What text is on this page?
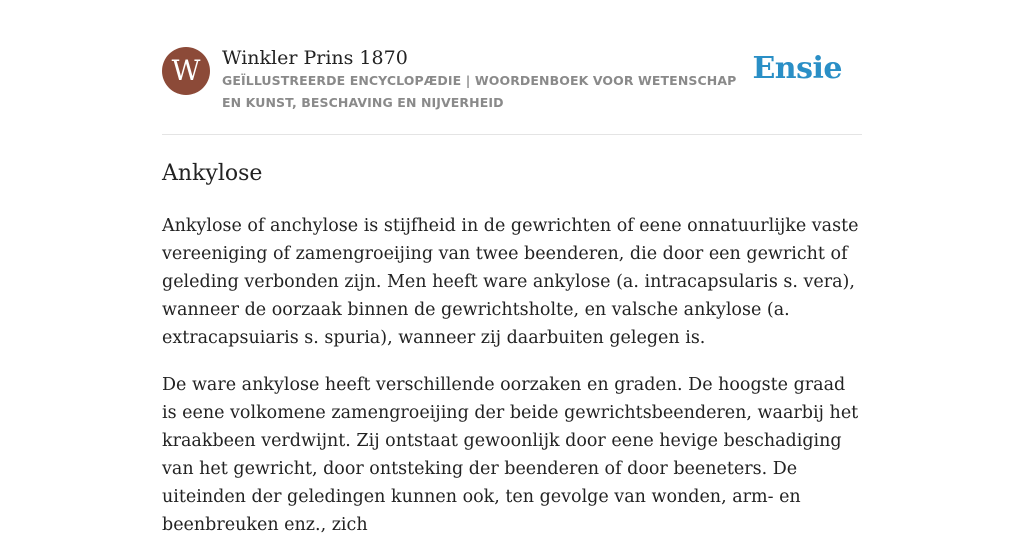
W	Winkler Prins 1870
GEÏLLUSTREERDE ENCYCLOPÆDIE | WOORDENBOEK VOOR WETENSCHAP EN KUNST, BESCHAVING EN NIJVERHEID
Ensie
Ankylose

Ankylose of anchylose is stijfheid in de gewrichten of eene onnatuurlijke vaste vereeniging of zamengroeijing van twee beenderen, die door een gewricht of geleding verbonden zijn. Men heeft ware ankylose (a. intracapsularis s. vera), wanneer de oorzaak binnen de gewrichtsholte, en valsche ankylose (a. extracapsuiaris s. spuria), wanneer zij daarbuiten gelegen is.

De ware ankylose heeft verschillende oorzaken en graden. De hoogste graad is eene volkomene zamengroeijing der beide gewrichtsbeenderen, waarbij het kraakbeen verdwijnt. Zij ontstaat gewoonlijk door eene hevige beschadiging van het gewricht, door ontsteking der beenderen of door beeneters. De uiteinden der geledingen kunnen ook, ten gevolge van wonden, arm- en beenbreuken enz., zich
